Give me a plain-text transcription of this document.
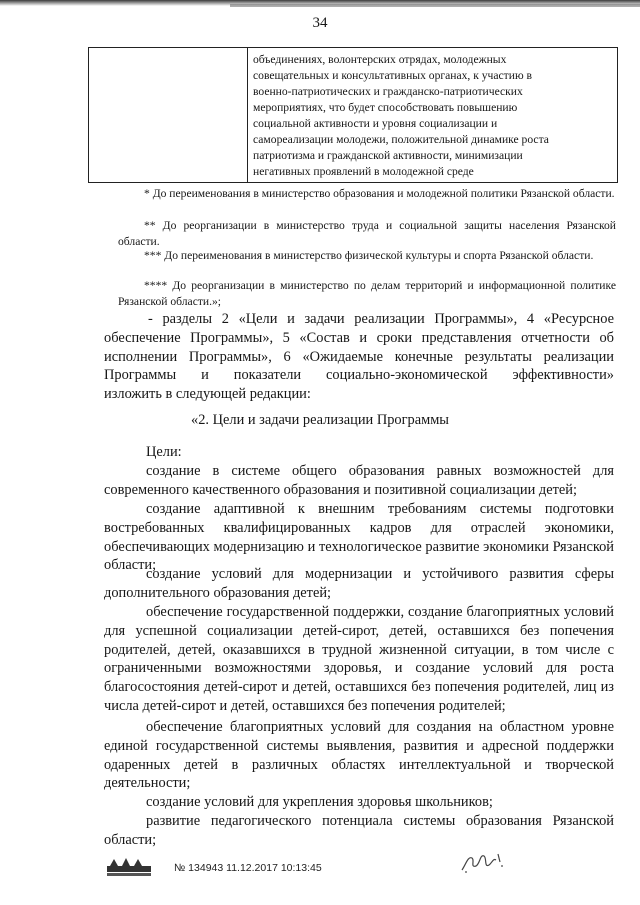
34
объединениях, волонтерских отрядах, молодежных
совещательных и консультативных органах, к участию в
военно-патриотических и гражданско-патриотических
мероприятиях, что будет способствовать повышению
социальной активности и уровня социализации и
самореализации молодежи, положительной динамике роста
патриотизма и гражданской активности, минимизации
негативных проявлений в молодежной среде
* До переименования в министерство образования и молодежной политики Рязанской области.
** До реорганизации в министерство труда и социальной защиты населения Рязанской области.
*** До переименования в министерство физической культуры и спорта Рязанской области.
**** До реорганизации в министерство по делам территорий и информационной политике Рязанской области.»;
- разделы 2 «Цели и задачи реализации Программы», 4 «Ресурсное
обеспечение Программы», 5 «Состав и сроки представления отчетности об
исполнении Программы», 6 «Ожидаемые конечные результаты реализации
Программы и показатели социально-экономической эффективности»
изложить в следующей редакции:
«2. Цели и задачи реализации Программы
Цели:
создание в системе общего образования равных возможностей для современного качественного образования и позитивной социализации детей;
создание адаптивной к внешним требованиям системы подготовки востребованных квалифицированных кадров для отраслей экономики, обеспечивающих модернизацию и технологическое развитие экономики Рязанской области;
создание условий для модернизации и устойчивого развития сферы дополнительного образования детей;
обеспечение государственной поддержки, создание благоприятных условий для успешной социализации детей-сирот, детей, оставшихся без попечения родителей, детей, оказавшихся в трудной жизненной ситуации, в том числе с ограниченными возможностями здоровья, и создание условий для роста благосостояния детей-сирот и детей, оставшихся без попечения родителей, лиц из числа детей-сирот и детей, оставшихся без попечения родителей;
обеспечение благоприятных условий для создания на областном уровне единой государственной системы выявления, развития и адресной поддержки одаренных детей в различных областях интеллектуальной и творческой деятельности;
создание условий для укрепления здоровья школьников;
развитие педагогического потенциала системы образования Рязанской области;
№ 134943 11.12.2017 10:13:45
